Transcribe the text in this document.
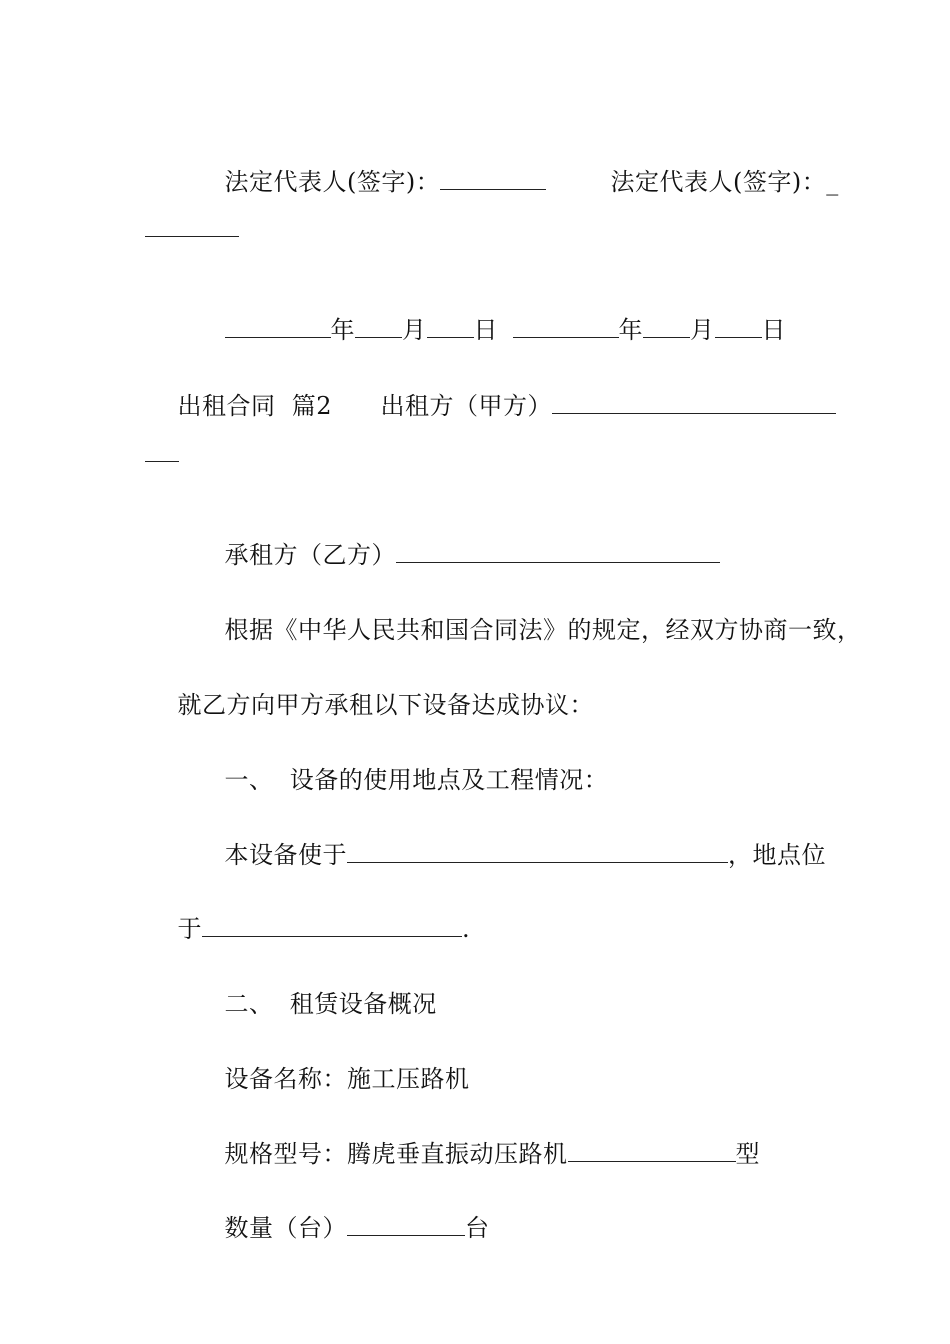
法定代表人(签字)：
	法定代表人(签字)：_

年 月 日
	年 月 日

出租合同  篇2
	出租方（甲方）

承租方（乙方）

根据《中华人民共和国合同法》的规定，经双方协商一致，

就乙方向甲方承租以下设备达成协议：

一、  设备的使用地点及工程情况：

本设备使于	，地点位

于	.

二、  租赁设备概况

设备名称：施工压路机

规格型号：腾虎垂直振动压路机	型

数量（台）	台
